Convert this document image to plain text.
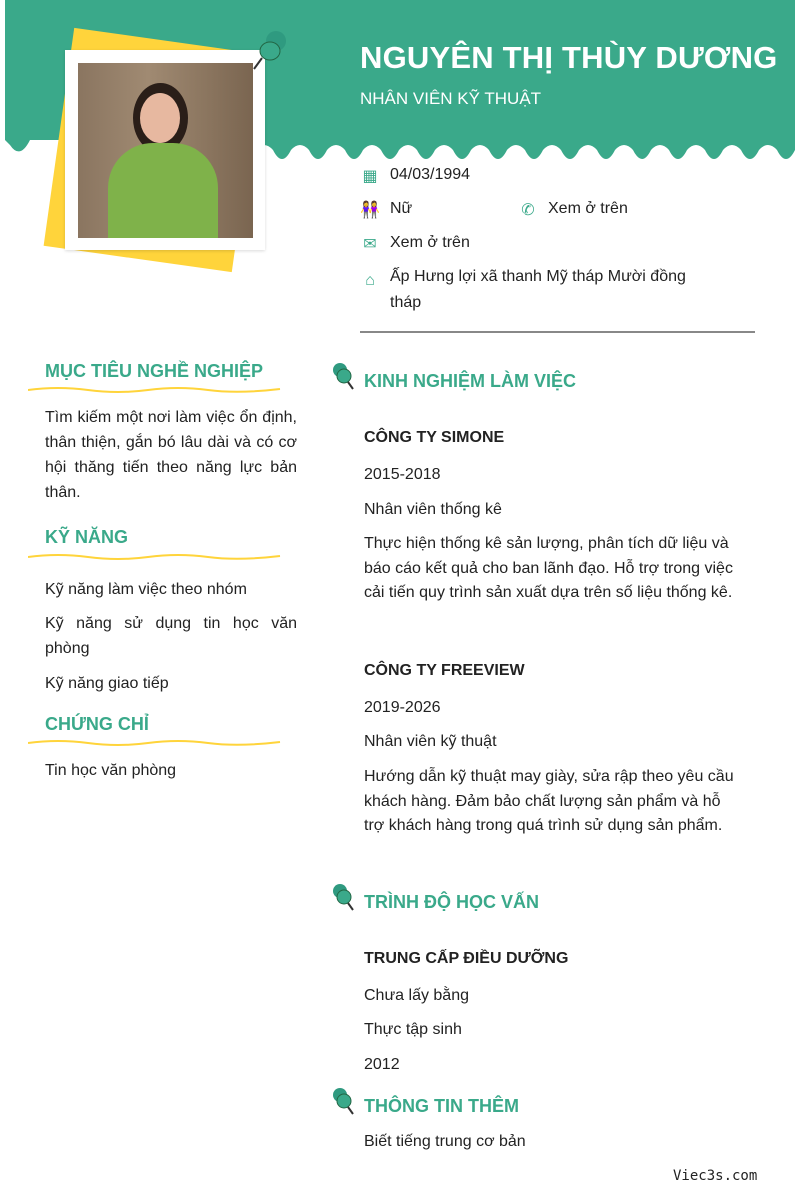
NGUYÊN THỊ THÙY DƯƠNG
NHÂN VIÊN KỸ THUẬT
▦ 04/03/1994
👭 Nữ	✆ Xem ở trên
✉ Xem ở trên
⌂ Ấp Hưng lợi xã thanh Mỹ tháp Mười đồng tháp
MỤC TIÊU NGHỀ NGHIỆP
Tìm kiếm một nơi làm việc ổn định, thân thiện, gắn bó lâu dài và có cơ hội thăng tiến theo năng lực bản thân.
KỸ NĂNG
Kỹ năng làm việc theo nhóm
Kỹ năng sử dụng tin học văn phòng
Kỹ năng giao tiếp
CHỨNG CHỈ
Tin học văn phòng
KINH NGHIỆM LÀM VIỆC
CÔNG TY SIMONE
2015-2018
Nhân viên thống kê
Thực hiện thống kê sản lượng, phân tích dữ liệu và báo cáo kết quả cho ban lãnh đạo. Hỗ trợ trong việc cải tiến quy trình sản xuất dựa trên số liệu thống kê.
CÔNG TY FREEVIEW
2019-2026
Nhân viên kỹ thuật
Hướng dẫn kỹ thuật may giày, sửa rập theo yêu cầu khách hàng. Đảm bảo chất lượng sản phẩm và hỗ trợ khách hàng trong quá trình sử dụng sản phẩm.
TRÌNH ĐỘ HỌC VẤN
TRUNG CẤP ĐIỀU DƯỠNG
Chưa lấy bằng
Thực tập sinh
2012
THÔNG TIN THÊM
Biết tiếng trung cơ bản
Viec3s.com
